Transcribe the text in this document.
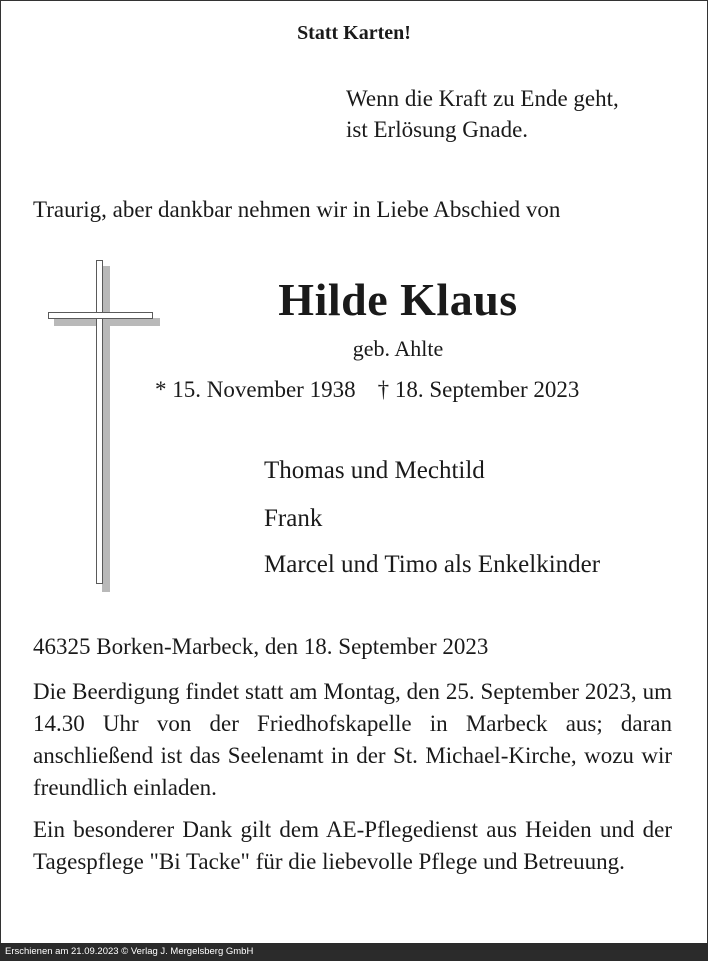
Statt Karten!
Wenn die Kraft zu Ende geht,
ist Erlösung Gnade.
Traurig, aber dankbar nehmen wir in Liebe Abschied von
Hilde Klaus
geb. Ahlte
* 15. November 1938 † 18. September 2023
Thomas und Mechtild
Frank
Marcel und Timo als Enkelkinder
46325 Borken-Marbeck, den 18. September 2023

Die Beerdigung findet statt am Montag, den 25. September 2023, um 14.30 Uhr von der Friedhofskapelle in Marbeck aus; daran anschließend ist das Seelenamt in der St. Michael-Kirche, wozu wir freundlich einladen.

Ein besonderer Dank gilt dem AE-Pflegedienst aus Heiden und der Tagespflege "Bi Tacke" für die liebevolle Pflege und Betreuung.

Erschienen am 21.09.2023 © Verlag J. Mergelsberg GmbH
